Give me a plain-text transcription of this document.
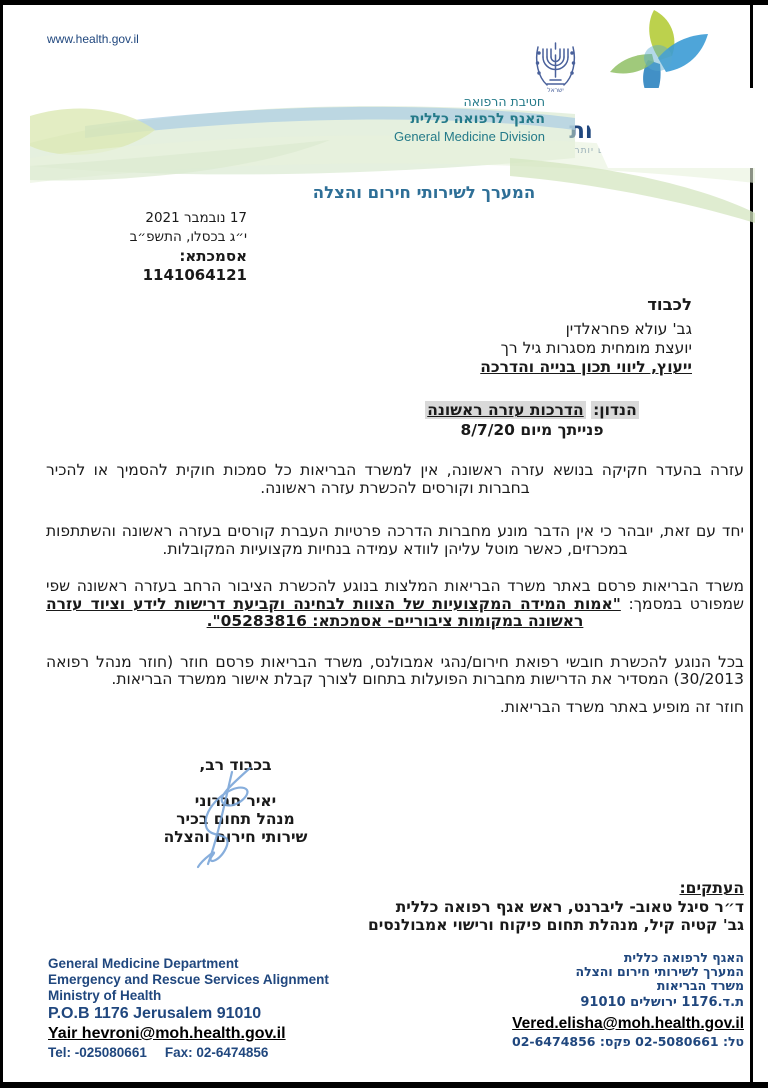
www.health.gov.il
ישראל
חטיבת הרפואה
האנף לרפואה כללית
General Medicine Division
המערך לשירותי חירום והצלה
17 נובמבר 2021
י״ג בכסלו, התשפ״ב
אסמכתא: 1141064121
לכבוד
גב' עולא פחראלדין
יועצת מומחית מסגרות גיל רך
ייעוץ, ליווי תכון בנייה והדרכה
הנדון: הדרכות עזרה ראשונה
פנייתך מיום 8/7/20

עזרה בהעדר חקיקה בנושא עזרה ראשונה, אין למשרד הבריאות כל סמכות חוקית להסמיך או להכיר בחברות וקורסים להכשרת עזרה ראשונה.

יחד עם זאת, יובהר כי אין הדבר מונע מחברות הדרכה פרטיות העברת קורסים בעזרה ראשונה והשתתפות במכרזים, כאשר מוטל עליהן לוודא עמידה בנחיות מקצועיות המקובלות.

משרד הבריאות פרסם באתר משרד הבריאות המלצות בנוגע להכשרת הציבור הרחב בעזרה ראשונה שפי שמפורט במסמך: "אמות המידה המקצועיות של הצוות לבחינה וקביעת דרישות לידע וציוד עזרה ראשונה במקומות ציבוריים- אסמכתא: 05283816".

בכל הנוגע להכשרת חובשי רפואת חירום/נהגי אמבולנס, משרד הבריאות פרסם חוזר (חוזר מנהל רפואה 30/2013) המסדיר את הדרישות מחברות הפועלות בתחום לצורך קבלת אישור ממשרד הבריאות.

חוזר זה מופיע באתר משרד הבריאות.

בכבוד רב,
יאיר חברוני
מנהל תחום בכיר
שירותי חירום והצלה
העתקים:
ד״ר סיגל טאוב- ליברנט, ראש אגף רפואה כללית
גב' קטיה קיל, מנהלת תחום פיקוח ורישוי אמבולנסים
General Medicine Department
Emergency and Rescue Services Alignment
Ministry of Health
P.O.B 1176 Jerusalem 91010
Yair hevroni@moh.health.gov.il
Tel: -025080661 Fax: 02-6474856
האגף לרפואה כללית
המערך לשירותי חירום והצלה
משרד הבריאות
ת.ד.1176 ירושלים 91010
Vered.elisha@moh.health.gov.il
טל: 02-5080661 פקס: 02-6474856
